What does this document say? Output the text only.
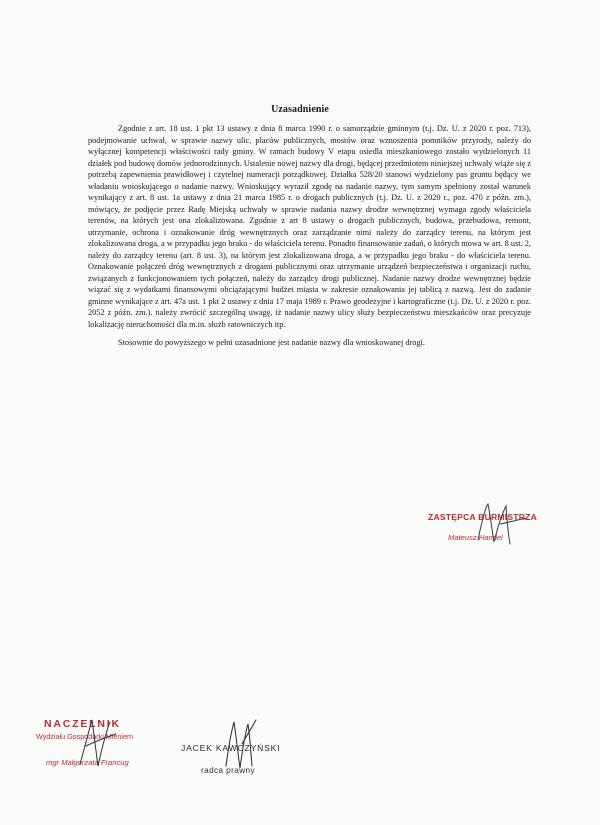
Uzasadnienie

Zgodnie z art. 18 ust. 1 pkt 13 ustawy z dnia 8 marca 1990 r. o samorządzie gminnym (t.j. Dz. U. z 2020 r. poz. 713), podejmowanie uchwał, w sprawie nazwy ulic, placów publicznych, mostów oraz wznoszenia pomników przyrody, należy do wyłącznej kompetencji właściwości rady gminy. W ramach budowy V etapu osiedla mieszkaniowego zostało wydzielonych 11 działek pod budowę domów jednorodzinnych. Ustalenie nowej nazwy dla drogi, będącej przedmiotem niniejszej uchwały wiąże się z potrzebą zapewnienia prawidłowej i czytelnej numeracji porządkowej. Działka 528/20 stanowi wydzielony pas gruntu będący we władaniu wnioskującego o nadanie nazwy. Wnioskujący wyraził zgodę na nadanie nazwy, tym samym spełniony został warunek wynikający z art. 8 ust. 1a ustawy z dnia 21 marca 1985 r. o drogach publicznych (t.j. Dz. U. z 2020 r., poz. 470 z późn. zm.), mówiący, że podjęcie przez Radę Miejską uchwały w sprawie nadania nazwy drodze wewnętrznej wymaga zgody właściciela terenów, na których jest ona zlokalizowana. Zgodnie z art 8 ustawy o drogach publicznych, budowa, przebudowa, remont, utrzymanie, ochrona i oznakowanie dróg wewnętrznych oraz zarządzanie nimi należy do zarządcy terenu, na którym jest zlokalizowana droga, a w przypadku jego braku - do właściciela terenu. Ponadto finansowanie zadań, o których mowa w art. 8 ust. 2, należy do zarządcy terenu (art. 8 ust. 3), na którym jest zlokalizowana droga, a w przypadku jego braku - do właściciela terenu. Oznakowanie połączeń dróg wewnętrznych z drogami publicznymi oraz utrzymanie urządzeń bezpieczeństwa i organizacji ruchu, związanych z funkcjonowaniem tych połączeń, należy do zarządcy drogi publicznej. Nadanie nazwy drodze wewnętrznej będzie wiązać się z wydatkami finansowymi obciążającymi budżet miasta w zakresie oznakowania jej tablicą z nazwą. Jest do zadanie gminne wynikające z art. 47a ust. 1 pkt 2 ustawy z dnia 17 maja 1989 r. Prawo geodezyjne i kartograficzne (t.j. Dz. U. z 2020 r. poz. 2052 z późn. zm.). należy zwrócić szczególną uwagę, iż nadanie nazwy ulicy służy bezpieczeństwu mieszkańców oraz precyzuje lokalizację nieruchomości dla m.in. służb ratowniczych itp.

Stosownie do powyższego w pełni uzasadnione jest nadanie nazwy dla wnioskowanej drogi.

ZASTĘPCA BURMISTRZA
Mateusz Handel
NACZELNIK
Wydziału Gospodarki Mieniem
mgr Małgorzata Francug
JACEK KAWCZYŃSKI
radca prawny
